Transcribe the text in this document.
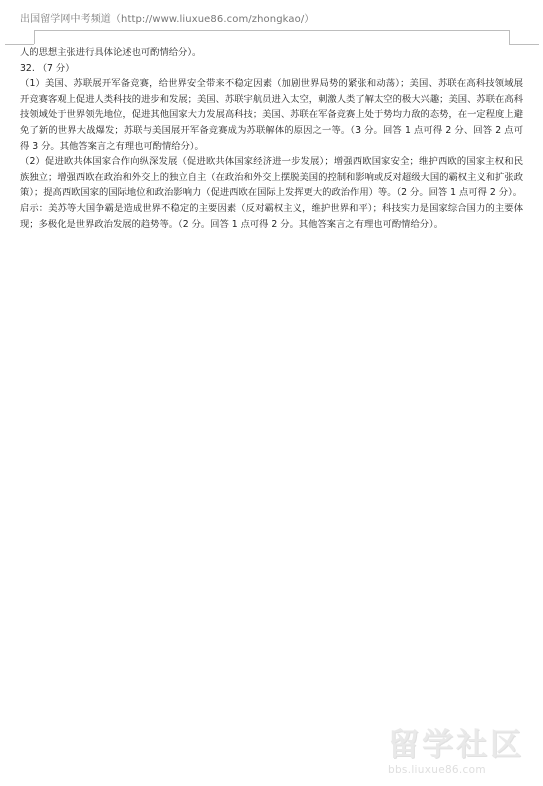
出国留学网中考频道（http://www.liuxue86.com/zhongkao/）

人的思想主张进行具体论述也可酌情给分）。

32. （7 分）

（1）美国、苏联展开军备竞赛，给世界安全带来不稳定因素（加剧世界局势的紧张和动荡）；美国、苏联在高科技领域展开竞赛客观上促进人类科技的进步和发展；美国、苏联宇航员进入太空，刺激人类了解太空的极大兴趣；美国、苏联在高科技领域处于世界领先地位，促进其他国家大力发展高科技；美国、苏联在军备竞赛上处于势均力敌的态势，在一定程度上避免了新的世界大战爆发；苏联与美国展开军备竞赛成为苏联解体的原因之一等。（3 分。回答 1 点可得 2 分、回答 2 点可得 3 分。其他答案言之有理也可酌情给分）。

（2）促进欧共体国家合作向纵深发展（促进欧共体国家经济进一步发展）；增强西欧国家安全；维护西欧的国家主权和民族独立；增强西欧在政治和外交上的独立自主（在政治和外交上摆脱美国的控制和影响或反对超级大国的霸权主义和扩张政策）；提高西欧国家的国际地位和政治影响力（促进西欧在国际上发挥更大的政治作用）等。（2 分。回答 1 点可得 2 分）。

启示：美苏等大国争霸是造成世界不稳定的主要因素（反对霸权主义，维护世界和平）；科技实力是国家综合国力的主要体现；多极化是世界政治发展的趋势等。（2 分。回答 1 点可得 2 分。其他答案言之有理也可酌情给分）。

留学社区
bbs.liuxue86.com
